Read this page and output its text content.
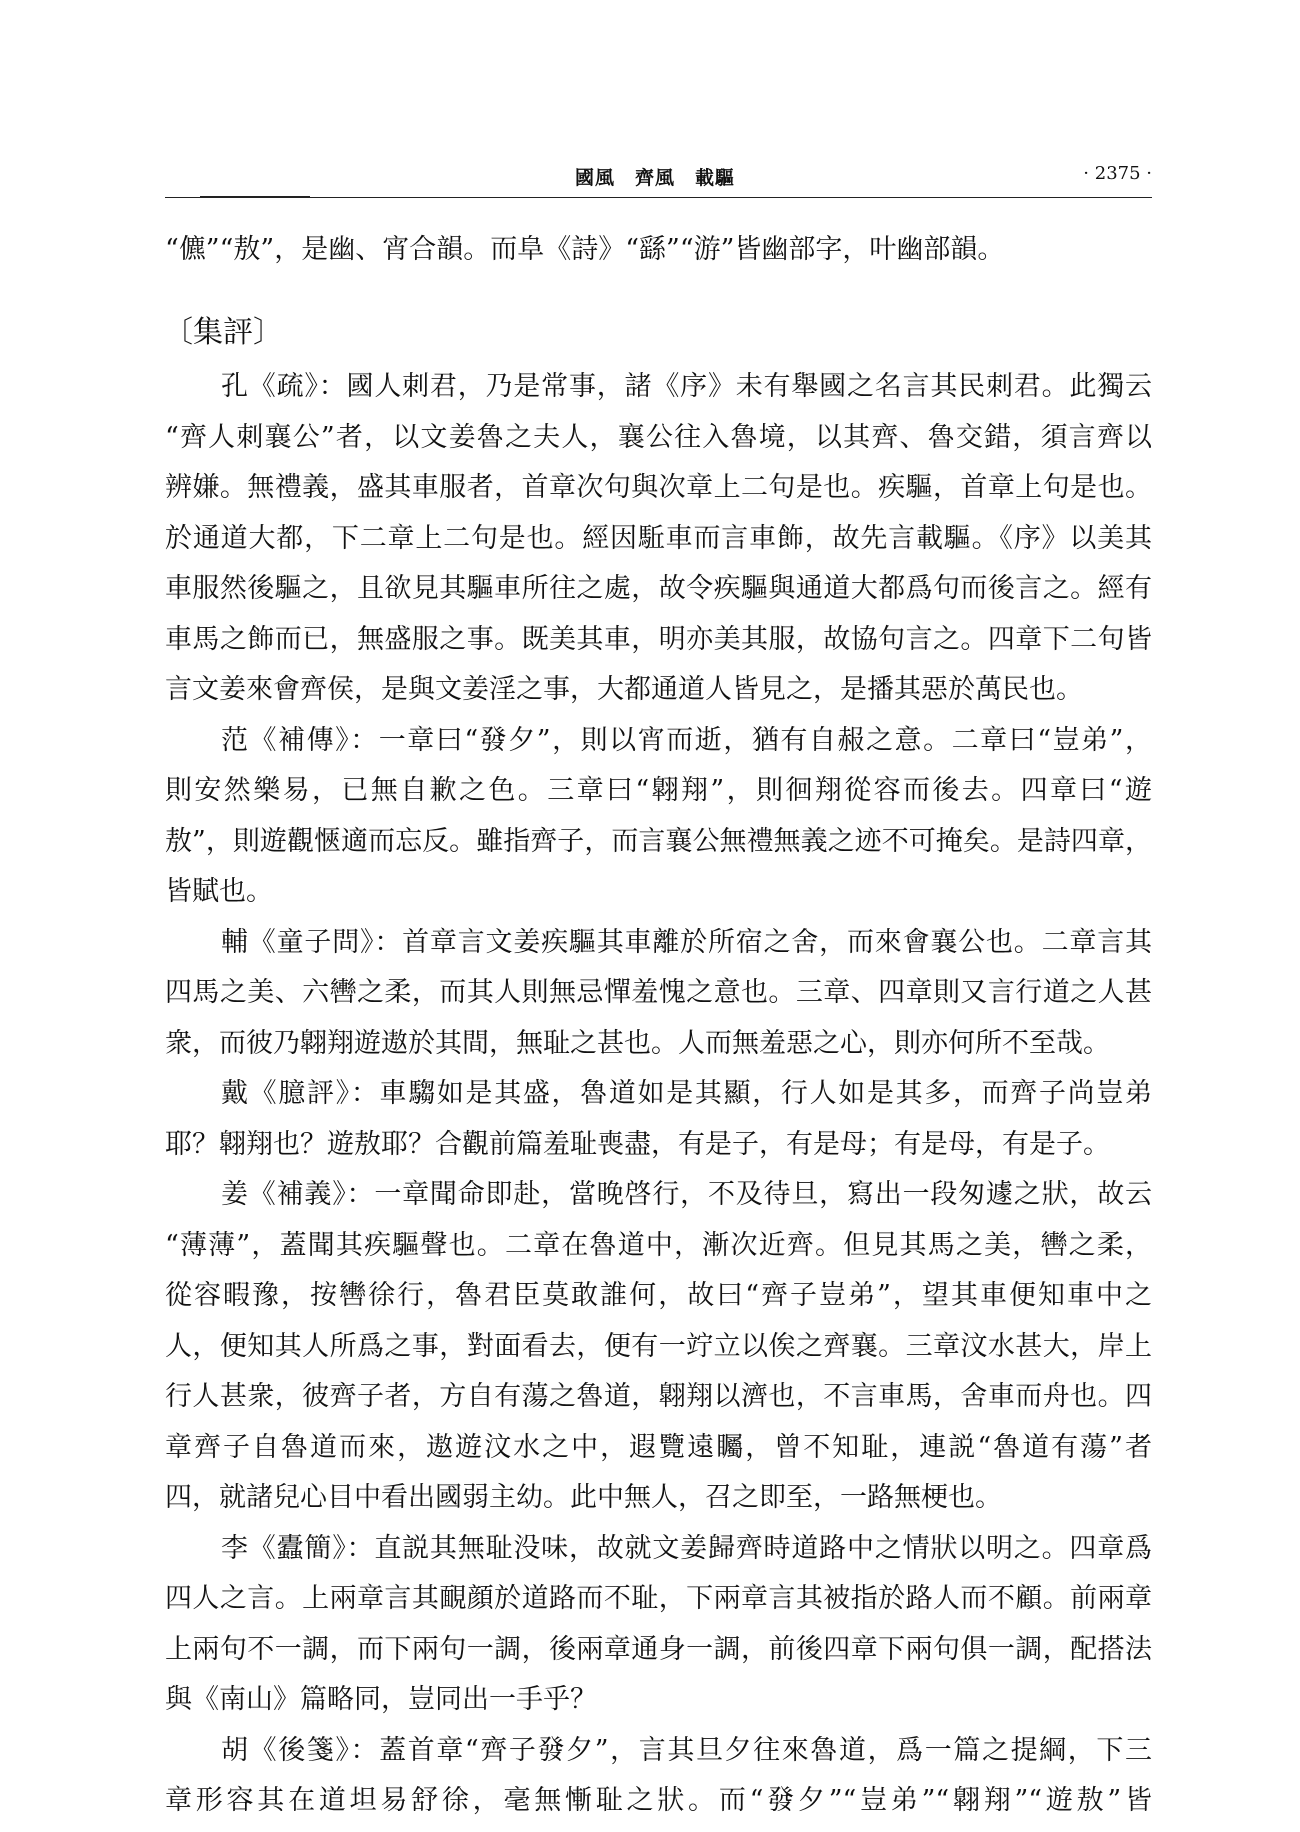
國風　齊風　載驅	· 2375 ·
“儦”“敖”，是幽、宵合韻。而阜《詩》“繇”“游”皆幽部字，叶幽部韻。
〔集評〕
孔《疏》：國人刺君，乃是常事，諸《序》未有舉國之名言其民刺君。此獨云
“齊人刺襄公”者，以文姜魯之夫人，襄公往入魯境，以其齊、魯交錯，須言齊以
辨嫌。無禮義，盛其車服者，首章次句與次章上二句是也。疾驅，首章上句是也。
於通道大都，下二章上二句是也。經因駈車而言車飾，故先言載驅。《序》以美其
車服然後驅之，且欲見其驅車所往之處，故令疾驅與通道大都爲句而後言之。經有
車馬之飾而已，無盛服之事。既美其車，明亦美其服，故協句言之。四章下二句皆
言文姜來會齊侯，是與文姜淫之事，大都通道人皆見之，是播其惡於萬民也。
范《補傳》：一章曰“發夕”，則以宵而逝，猶有自赧之意。二章曰“豈弟”，
則安然樂易，已無自歉之色。三章曰“翺翔”，則徊翔從容而後去。四章曰“遊
敖”，則遊觀愜適而忘反。雖指齊子，而言襄公無禮無義之迹不可掩矣。是詩四章，
皆賦也。
輔《童子問》：首章言文姜疾驅其車離於所宿之舍，而來會襄公也。二章言其
四馬之美、六轡之柔，而其人則無忌憚羞愧之意也。三章、四章則又言行道之人甚
衆，而彼乃翺翔遊遨於其間，無耻之甚也。人而無羞惡之心，則亦何所不至哉。
戴《臆評》：車騶如是其盛，魯道如是其顯，行人如是其多，而齊子尚豈弟
耶？翺翔也？遊敖耶？合觀前篇羞耻喪盡，有是子，有是母；有是母，有是子。
姜《補義》：一章聞命即赴，當晚啓行，不及待旦，寫出一段匆遽之狀，故云
“薄薄”，蓋聞其疾驅聲也。二章在魯道中，漸次近齊。但見其馬之美，轡之柔，
從容暇豫，按轡徐行，魯君臣莫敢誰何，故曰“齊子豈弟”，望其車便知車中之
人，便知其人所爲之事，對面看去，便有一竚立以俟之齊襄。三章汶水甚大，岸上
行人甚衆，彼齊子者，方自有蕩之魯道，翺翔以濟也，不言車馬，舍車而舟也。四
章齊子自魯道而來，遨遊汶水之中，遐覽遠矚，曾不知耻，連説“魯道有蕩”者
四，就諸兒心目中看出國弱主幼。此中無人，召之即至，一路無梗也。
李《蠹簡》：直説其無耻没味，故就文姜歸齊時道路中之情狀以明之。四章爲
四人之言。上兩章言其靦顔於道路而不耻，下兩章言其被指於路人而不顧。前兩章
上兩句不一調，而下兩句一調，後兩章通身一調，前後四章下兩句俱一調，配搭法
與《南山》篇略同，豈同出一手乎？
胡《後箋》：蓋首章“齊子發夕”，言其旦夕往來魯道，爲一篇之提綱，下三
章形容其在道坦易舒徐，毫無慚耻之狀。而“發夕”“豈弟”“翺翔”“遊敖”皆
